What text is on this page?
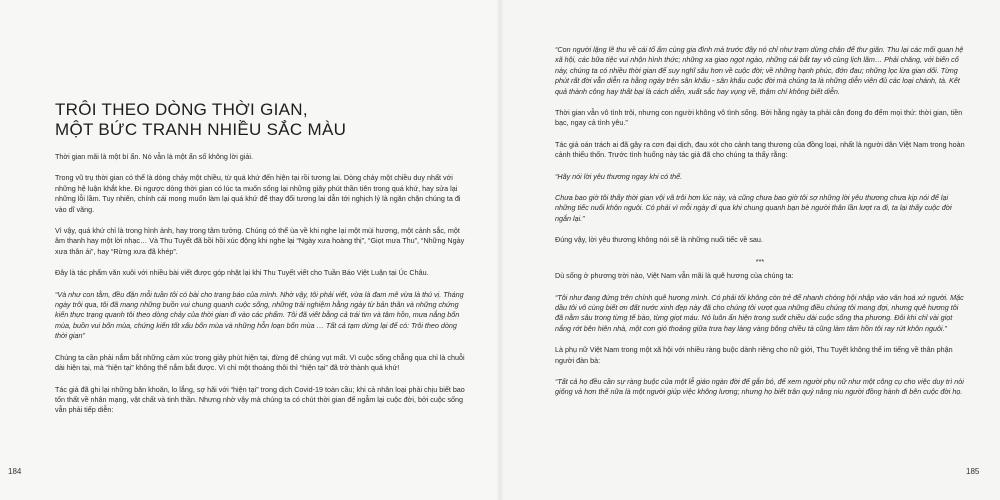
TRÔI THEO DÒNG THỜI GIAN,
MỘT BỨC TRANH NHIỀU SẮC MÀU

Thời gian mãi là một bí ẩn. Nó vẫn là một ẩn số không lời giải.

Trong vũ trụ thời gian có thể là dòng chảy một chiều, từ quá khứ đến hiện tại rồi tương lai. Dòng chảy một chiều duy nhất với những hệ luận khắt khe. Đi ngược dòng thời gian có lúc ta muốn sống lại những giây phút thần tiên trong quá khứ, hay sửa lại những lỗi lầm. Tuy nhiên, chính cái mong muốn làm lại quá khứ để thay đổi tương lai dẫn tới nghịch lý là ngăn chặn chúng ta đi vào dĩ vãng.

Vì vậy, quá khứ chỉ là trong hình ảnh, hay trong tâm tưởng. Chúng có thể ùa về khi nghe lại một mùi hương, một cảnh sắc, một âm thanh hay một lời nhạc… Và Thu Tuyết đã bồi hồi xúc động khi nghe lại “Ngày xưa hoàng thị”, “Giọt mưa Thu”, “Những Ngày xưa thân ái”, hay “Rừng xưa đã khép”.

Đây là tác phẩm văn xuôi với nhiều bài viết được góp nhặt lại khi Thu Tuyết viết cho Tuần Báo Việt Luận tại Úc Châu.

“Và như con tằm, đều đặn mỗi tuần tôi có bài cho trang báo của mình. Nhờ vậy, tôi phải viết, vừa là đam mê vừa là thú vị. Tháng ngày trôi qua, tôi đã mang những buồn vui chung quanh cuộc sống, những trải nghiệm hằng ngày từ bản thân và những chứng kiến thực trạng quanh tôi theo dòng chảy của thời gian đi vào các phẩm. Tôi đã viết bằng cả trái tim và tâm hồn, mưa nắng bốn mùa, buồn vui bốn mùa, chứng kiến tốt xấu bốn mùa và những hỗn loạn bốn mùa … Tất cả tạm dừng lại để có: Trôi theo dòng thời gian”

Chúng ta cần phải nắm bắt những cảm xúc trong giây phút hiện tại, đừng để chúng vụt mất. Vì cuộc sống chẳng qua chỉ là chuỗi dài hiện tại, mà “hiện tại” không thể nắm bắt được. Vì chỉ một thoáng thôi thì “hiện tại” đã trở thành quá khứ!

Tác giả đã ghi lại những băn khoăn, lo lắng, sợ hãi với “hiện tại” trong dịch Covid-19 toàn cầu; khi cả nhân loại phải chịu biết bao tổn thất về nhân mạng, vật chất và tinh thần. Nhưng nhờ vậy mà chúng ta có chút thời gian để ngẫm lại cuộc đời, bởi cuộc sống vẫn phải tiếp diễn:

184

“Con người lặng lẽ thu về cái tổ ấm cùng gia đình mà trước đây nó chỉ như trạm dừng chân để thư giãn. Thu lại các mối quan hệ xã hội, các bữa tiệc vui nhộn hình thức; những xa giao ngọt ngào, những cái bắt tay vô cùng lịch lãm… Phải chăng, với biến cố này, chúng ta có nhiều thời gian để suy nghĩ sâu hơn về cuộc đời; về những hạnh phúc, đớn đau; những lọc lừa gian dối. Từng phút rất đời vẫn diễn ra hằng ngày trên sân khấu - sân khấu cuộc đời mà chúng ta là những diễn viên đủ các loại chánh, tà. Kết quả thành công hay thất bại là cách diễn, xuất sắc hay vụng về, thậm chí không biết diễn.

Thời gian vẫn vô tình trôi, nhưng con người không vô tình sống. Bởi hằng ngày ta phải cân đong đo đếm mọi thứ: thời gian, tiền bạc, ngay cả tình yêu.”

Tác giả oán trách ai đã gây ra cơn đại dịch, đau xót cho cảnh tang thương của đồng loại, nhất là người dân Việt Nam trong hoàn cảnh thiếu thốn. Trước tình huống này tác giả đã cho chúng ta thấy rằng:

“Hãy nói lời yêu thương ngay khi có thể.

Chưa bao giờ tôi thấy thời gian vội vã trôi hơn lúc này, và cũng chưa bao giờ tôi sợ những lời yêu thương chưa kịp nói để lại những tiếc nuối khôn nguôi. Có phải vì mỗi ngày đi qua khi chung quanh bạn bè người thân lần lượt ra đi, ta lại thấy cuộc đời ngắn lại.”

Đúng vậy, lời yêu thương không nói sẽ là những nuối tiếc về sau.

***

Dù sống ở phương trời nào, Việt Nam vẫn mãi là quê hương của chúng ta:

“Tôi như đang đứng trên chính quê hương mình. Có phải tôi không còn trẻ để nhanh chóng hội nhập vào văn hoá xứ người. Mặc dầu tôi vô cùng biết ơn đất nước xinh đẹp này đã cho chúng tôi vượt qua những điều chúng tôi mong đợi, nhưng quê hương tôi đã nằm sâu trong từng tế bào, từng giọt máu. Nó luôn ẩn hiện trong suốt chiều dài cuộc sống tha phương. Đôi khi chỉ vài giọt nắng rớt bên hiên nhà, một cơn gió thoảng giữa trưa hay làng vàng bông chiều tà cũng làm tâm hồn tôi ray rứt khôn nguôi.”

Là phụ nữ Việt Nam trong một xã hội với nhiều ràng buộc dành riêng cho nữ giới, Thu Tuyết không thể im tiếng về thân phận người đàn bà:

“Tất cả họ đều cần sự ràng buộc của một lễ giáo ngàn đời để gắn bó, để xem người phụ nữ như một công cụ cho việc duy trì nòi giống và hơn thế nữa là một người giúp việc không lương; nhưng họ biết trân quý nâng niu người đồng hành đi bên cuộc đời họ.

185
